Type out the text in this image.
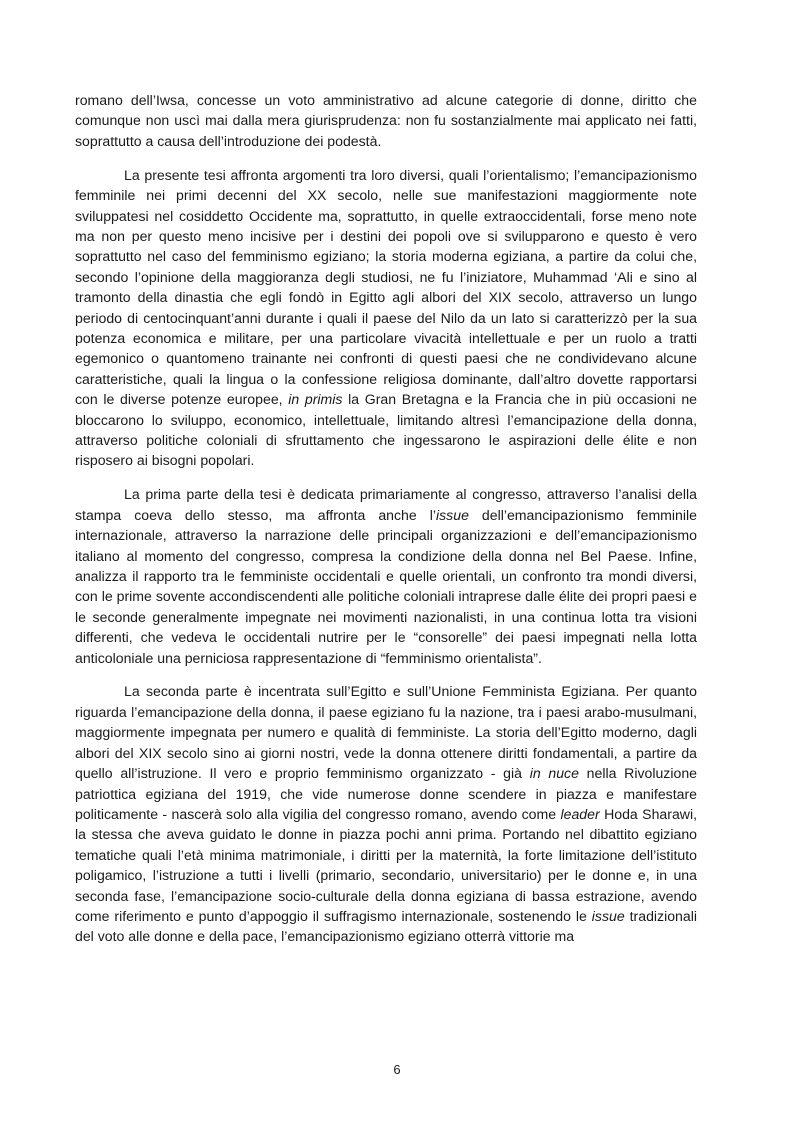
romano dell’Iwsa, concesse un voto amministrativo ad alcune categorie di donne, diritto che comunque non uscì mai dalla mera giurisprudenza: non fu sostanzialmente mai applicato nei fatti, soprattutto a causa dell’introduzione dei podestà.

La presente tesi affronta argomenti tra loro diversi, quali l’orientalismo; l’emancipazionismo femminile nei primi decenni del XX secolo, nelle sue manifestazioni maggiormente note sviluppatesi nel cosiddetto Occidente ma, soprattutto, in quelle extraoccidentali, forse meno note ma non per questo meno incisive per i destini dei popoli ove si svilupparono e questo è vero soprattutto nel caso del femminismo egiziano; la storia moderna egiziana, a partire da colui che, secondo l’opinione della maggioranza degli studiosi, ne fu l’iniziatore, Muhammad ‘Ali e sino al tramonto della dinastia che egli fondò in Egitto agli albori del XIX secolo, attraverso un lungo periodo di centocinquant’anni durante i quali il paese del Nilo da un lato si caratterizzò per la sua potenza economica e militare, per una particolare vivacità intellettuale e per un ruolo a tratti egemonico o quantomeno trainante nei confronti di questi paesi che ne condividevano alcune caratteristiche, quali la lingua o la confessione religiosa dominante, dall’altro dovette rapportarsi con le diverse potenze europee, in primis la Gran Bretagna e la Francia che in più occasioni ne bloccarono lo sviluppo, economico, intellettuale, limitando altresì l’emancipazione della donna, attraverso politiche coloniali di sfruttamento che ingessarono le aspirazioni delle élite e non risposero ai bisogni popolari.

La prima parte della tesi è dedicata primariamente al congresso, attraverso l’analisi della stampa coeva dello stesso, ma affronta anche l’issue dell’emancipazionismo femminile internazionale, attraverso la narrazione delle principali organizzazioni e dell’emancipazionismo italiano al momento del congresso, compresa la condizione della donna nel Bel Paese. Infine, analizza il rapporto tra le femministe occidentali e quelle orientali, un confronto tra mondi diversi, con le prime sovente accondiscendenti alle politiche coloniali intraprese dalle élite dei propri paesi e le seconde generalmente impegnate nei movimenti nazionalisti, in una continua lotta tra visioni differenti, che vedeva le occidentali nutrire per le “consorelle” dei paesi impegnati nella lotta anticoloniale una perniciosa rappresentazione di “femminismo orientalista”.

La seconda parte è incentrata sull’Egitto e sull’Unione Femminista Egiziana. Per quanto riguarda l’emancipazione della donna, il paese egiziano fu la nazione, tra i paesi arabo-musulmani, maggiormente impegnata per numero e qualità di femministe. La storia dell’Egitto moderno, dagli albori del XIX secolo sino ai giorni nostri, vede la donna ottenere diritti fondamentali, a partire da quello all’istruzione. Il vero e proprio femminismo organizzato - già in nuce nella Rivoluzione patriottica egiziana del 1919, che vide numerose donne scendere in piazza e manifestare politicamente - nascerà solo alla vigilia del congresso romano, avendo come leader Hoda Sharawi, la stessa che aveva guidato le donne in piazza pochi anni prima. Portando nel dibattito egiziano tematiche quali l’età minima matrimoniale, i diritti per la maternità, la forte limitazione dell’istituto poligamico, l’istruzione a tutti i livelli (primario, secondario, universitario) per le donne e, in una seconda fase, l’emancipazione socio-culturale della donna egiziana di bassa estrazione, avendo come riferimento e punto d’appoggio il suffragismo internazionale, sostenendo le issue tradizionali del voto alle donne e della pace, l’emancipazionismo egiziano otterrà vittorie ma

6
